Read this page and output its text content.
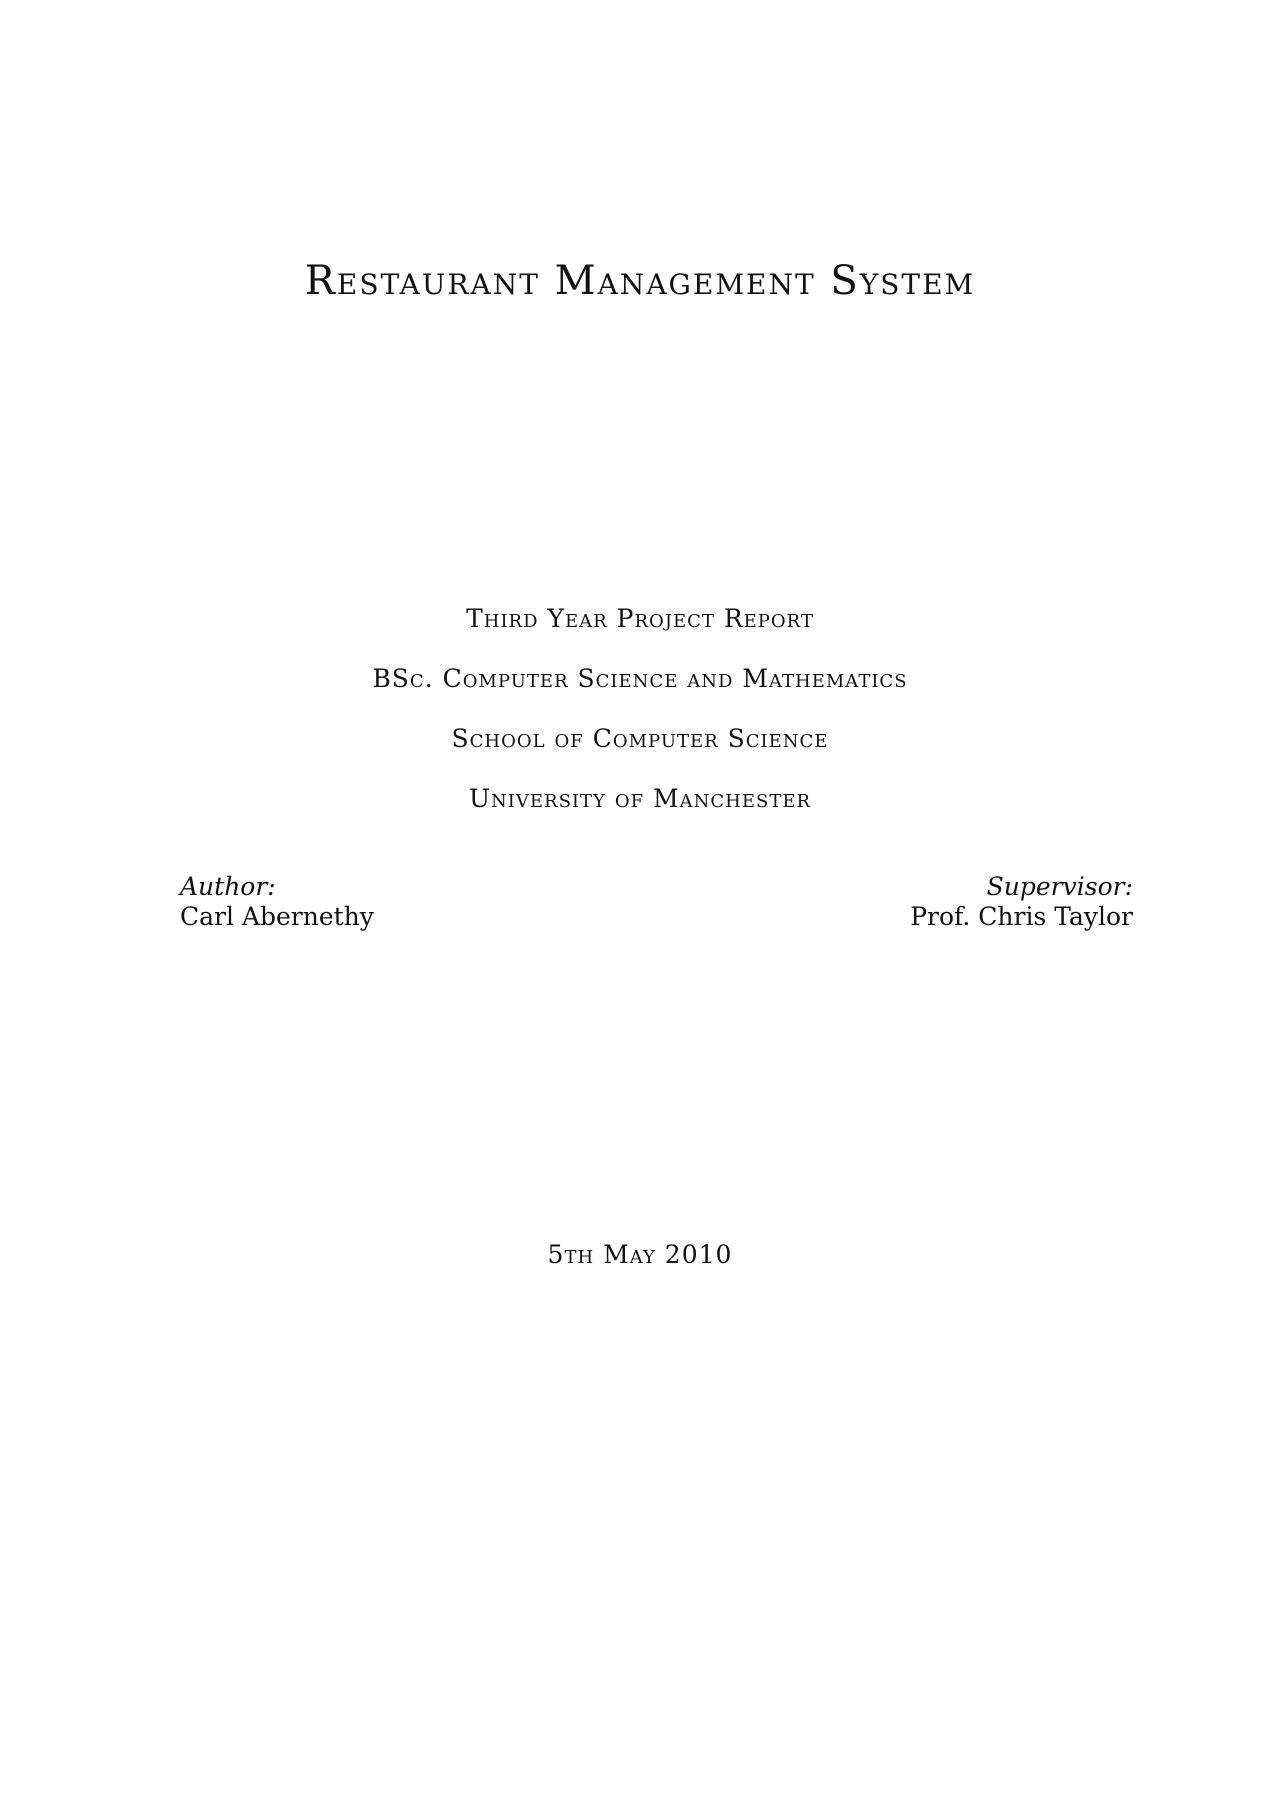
Restaurant Management System
Third Year Project Report
BSc. Computer Science and Mathematics
School of Computer Science
University of Manchester
Author:
Carl Abernethy
Supervisor:
Prof. Chris Taylor
5th May 2010
